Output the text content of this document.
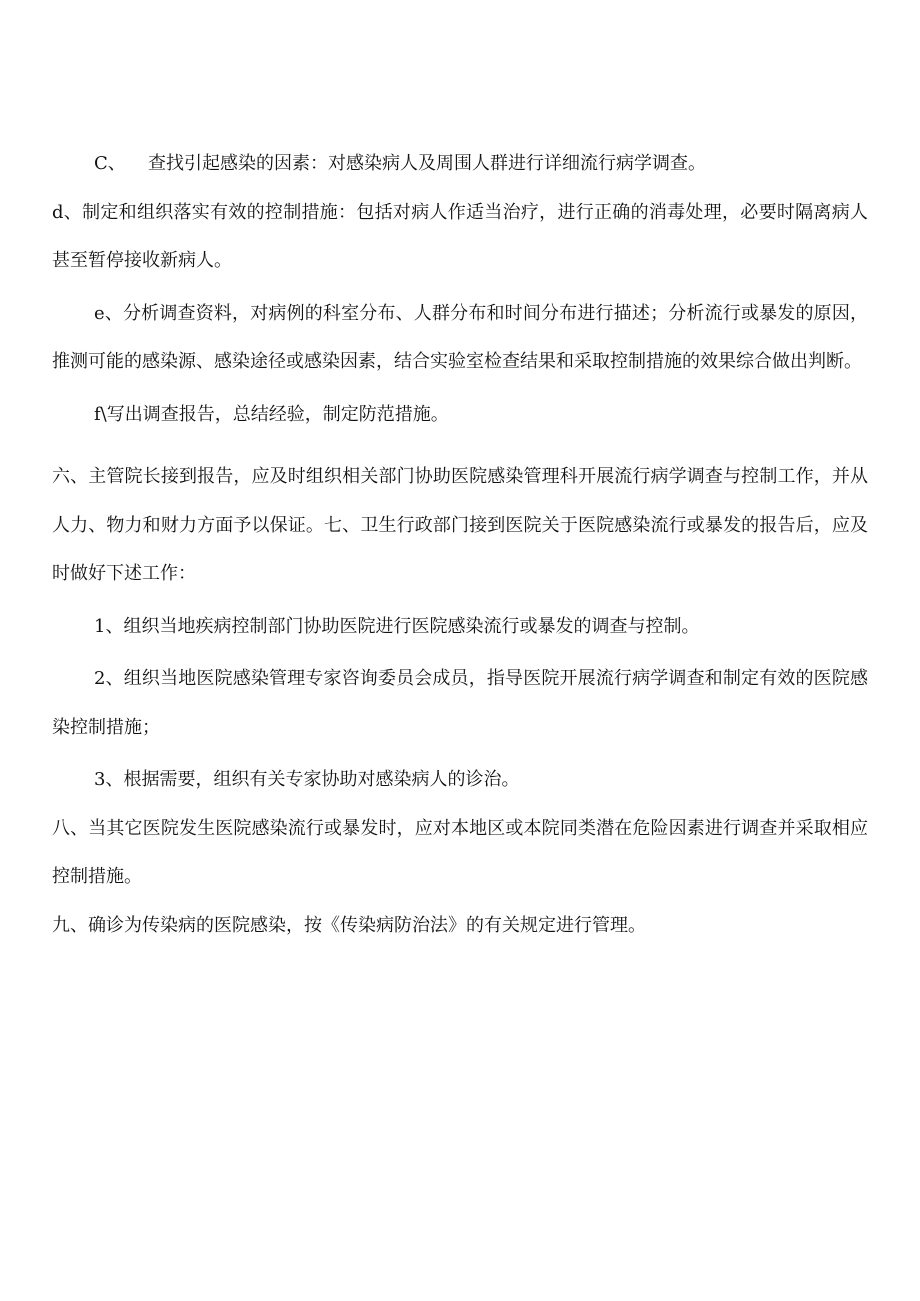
C、 查找引起感染的因素：对感染病人及周围人群进行详细流行病学调查。

d、制定和组织落实有效的控制措施：包括对病人作适当治疗，进行正确的消毒处理，必要时隔离病人甚至暂停接收新病人。

e、分析调查资料，对病例的科室分布、人群分布和时间分布进行描述；分析流行或暴发的原因，推测可能的感染源、感染途径或感染因素，结合实验室检查结果和采取控制措施的效果综合做出判断。

f\写出调查报告，总结经验，制定防范措施。

六、主管院长接到报告，应及时组织相关部门协助医院感染管理科开展流行病学调查与控制工作，并从人力、物力和财力方面予以保证。七、卫生行政部门接到医院关于医院感染流行或暴发的报告后，应及时做好下述工作：

1、组织当地疾病控制部门协助医院进行医院感染流行或暴发的调查与控制。

2、组织当地医院感染管理专家咨询委员会成员，指导医院开展流行病学调查和制定有效的医院感染控制措施；

3、根据需要，组织有关专家协助对感染病人的诊治。

八、当其它医院发生医院感染流行或暴发时，应对本地区或本院同类潜在危险因素进行调查并采取相应控制措施。

九、确诊为传染病的医院感染，按《传染病防治法》的有关规定进行管理。
